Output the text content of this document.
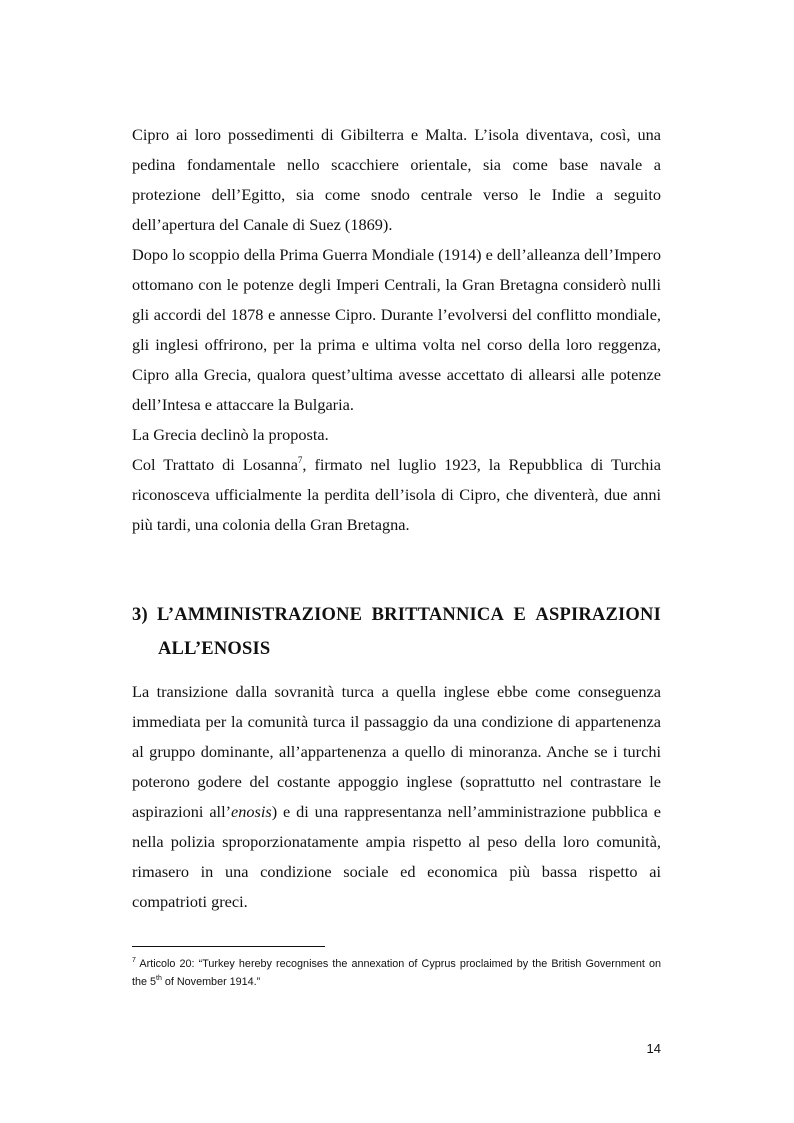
Cipro ai loro possedimenti di Gibilterra e Malta. L’isola diventava, così, una pedina fondamentale nello scacchiere orientale, sia come base navale a protezione dell’Egitto, sia come snodo centrale verso le Indie a seguito dell’apertura del Canale di Suez (1869).

Dopo lo scoppio della Prima Guerra Mondiale (1914) e dell’alleanza dell’Impero ottomano con le potenze degli Imperi Centrali, la Gran Bretagna considerò nulli gli accordi del 1878 e annesse Cipro. Durante l’evolversi del conflitto mondiale, gli inglesi offrirono, per la prima e ultima volta nel corso della loro reggenza, Cipro alla Grecia, qualora quest’ultima avesse accettato di allearsi alle potenze dell’Intesa e attaccare la Bulgaria.

La Grecia declinò la proposta.

Col Trattato di Losanna$^7$, firmato nel luglio 1923, la Repubblica di Turchia riconosceva ufficialmente la perdita dell’isola di Cipro, che diventerà, due anni più tardi, una colonia della Gran Bretagna.

3) L’AMMINISTRAZIONE BRITTANNICA E ASPIRAZIONI
ALL’ENOSIS

La transizione dalla sovranità turca a quella inglese ebbe come conseguenza immediata per la comunità turca il passaggio da una condizione di appartenenza al gruppo dominante, all’appartenenza a quello di minoranza. Anche se i turchi poterono godere del costante appoggio inglese (soprattutto nel contrastare le aspirazioni all’enosis) e di una rappresentanza nell’amministrazione pubblica e nella polizia sproporzionatamente ampia rispetto al peso della loro comunità, rimasero in una condizione sociale ed economica più bassa rispetto ai compatrioti greci.

$^7$ Articolo 20: “Turkey hereby recognises the annexation of Cyprus proclaimed by the British Government on the 5th of November 1914.”
14
